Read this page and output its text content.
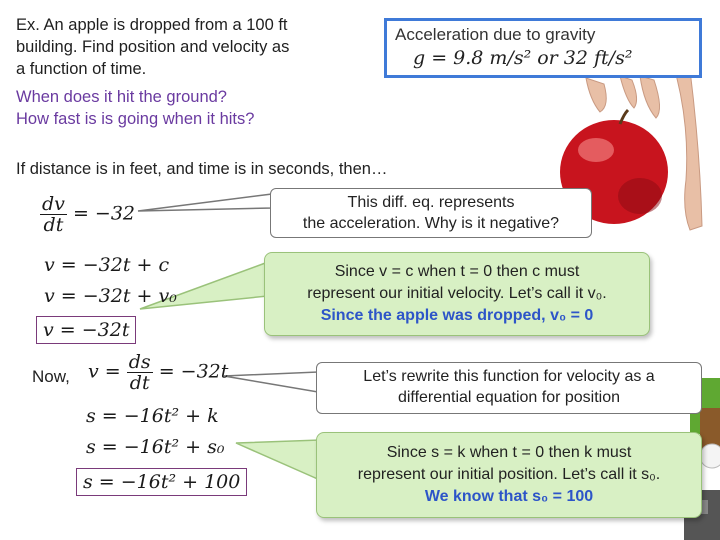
Ex. An apple is dropped from a 100 ft

building. Find position and velocity as

a function of time.

When does it hit the ground?

How fast is is going when it hits?

Acceleration due to gravity
g = 9.8 m/s² or 32 ft/s²
If distance is in feet, and time is in seconds, then…
$\frac{dv}{dt} = -32$
v = −32t + c
v = −32t + v₀
v = −32t
Now, $v = \frac{ds}{dt} = -32t$
s = −16t² + k
s = −16t² + s₀
s = −16t² + 100
This diff. eq. represents
the acceleration. Why is it negative?
Since v = c when t = 0 then c must
represent our initial velocity. Let’s call it v₀.
Since the apple was dropped, v₀ = 0
Let’s rewrite this function for velocity as a
differential equation for position
Since s = k when t = 0 then k must
represent our initial position. Let’s call it s₀.
We know that s₀ = 100
